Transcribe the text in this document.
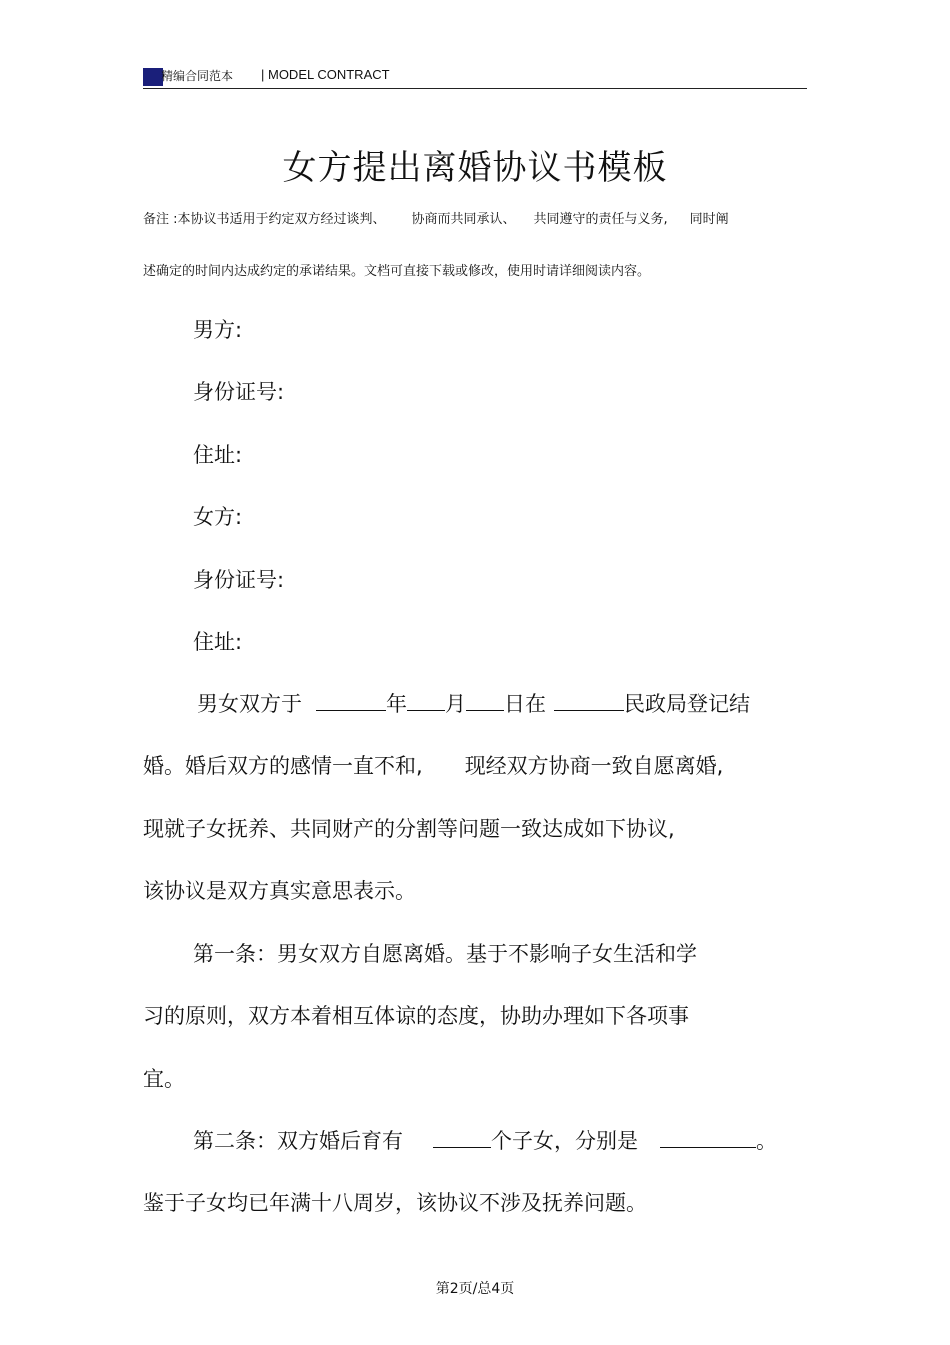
精编合同范本 | MODEL CONTRACT
女方提出离婚协议书模板
备注 :本协议书适用于约定双方经过谈判、 协商而共同承认、 共同遵守的责任与义务, 同时阐
述确定的时间内达成约定的承诺结果。文档可直接下载或修改，使用时请详细阅读内容。
男方:
身份证号:
住址:
女方:
身份证号:
住址:
男女双方于	年 月 日在	民政局登记结
婚。婚后双方的感情一直不和, 现经双方协商一致自愿离婚,
现就子女抚养、共同财产的分割等问题一致达成如下协议,
该协议是双方真实意思表示。
第一条：男女双方自愿离婚。基于不影响子女生活和学
习的原则，双方本着相互体谅的态度，协助办理如下各项事
宜。
第二条：双方婚后育有	个子女，分别是	。
鉴于子女均已年满十八周岁，该协议不涉及抚养问题。
第2页/总4页
